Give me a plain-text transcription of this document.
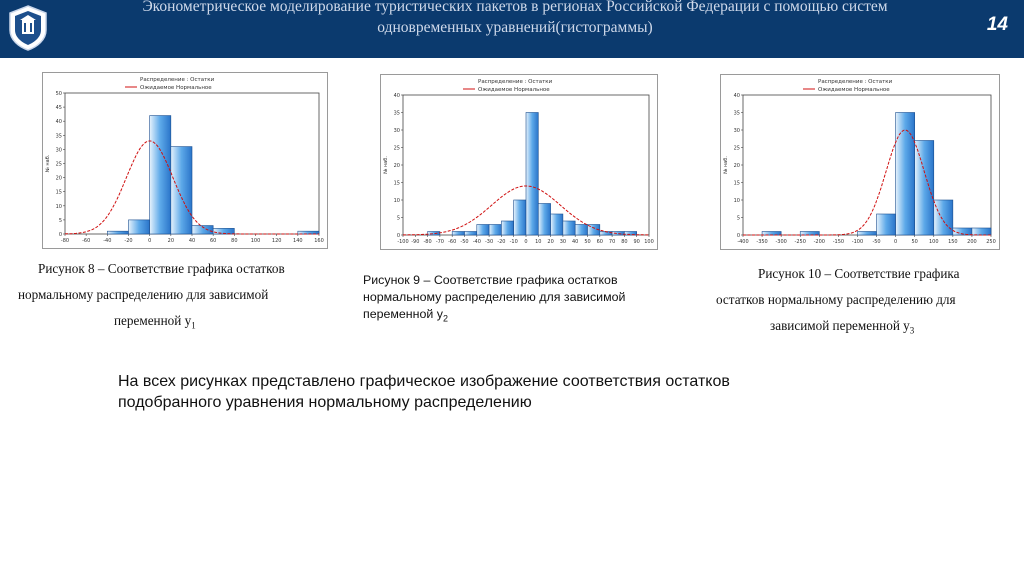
Эконометрическое моделирование туристических пакетов в регионах Российской Федерации с помощью систем
одновременных уравнений(гистограммы)	14
Распределение : Остатки
Ожидаемое Нормальное
0
5
10
15
20
25
30
35
40
45
50
№ наб.
-80	-60	-40	-20	0	20	40	60	80	100 120 140 160
Распределение : Остатки
Ожидаемое Нормальное
0
5
10
15
20
25
30
35
40
№ наб.
-100 -90 -80 -70 -60 -50 -40 -30 -20 -10 0 10 20 30 40 50 60 70 80 90 100
Распределение : Остатки
Ожидаемое Нормальное
0
5
10
15
20
25
30
35
40
№ наб.
-400 -350 -300 -250 -200 -150 -100 -50	0	50 100 150 200 250
Рисунок 8 – Соответствие графика остатков
нормальному распределению для зависимой
переменной $у_1$
Рисунок 9 – Соответствие графика остатков
нормальному распределению для зависимой
переменной $у_2$
Рисунок 10 – Соответствие графика
остатков нормальному распределению для
зависимой переменной $у_3$
На всех рисунках представлено графическое изображение соответствия остатков
подобранного уравнения нормальному распределению
